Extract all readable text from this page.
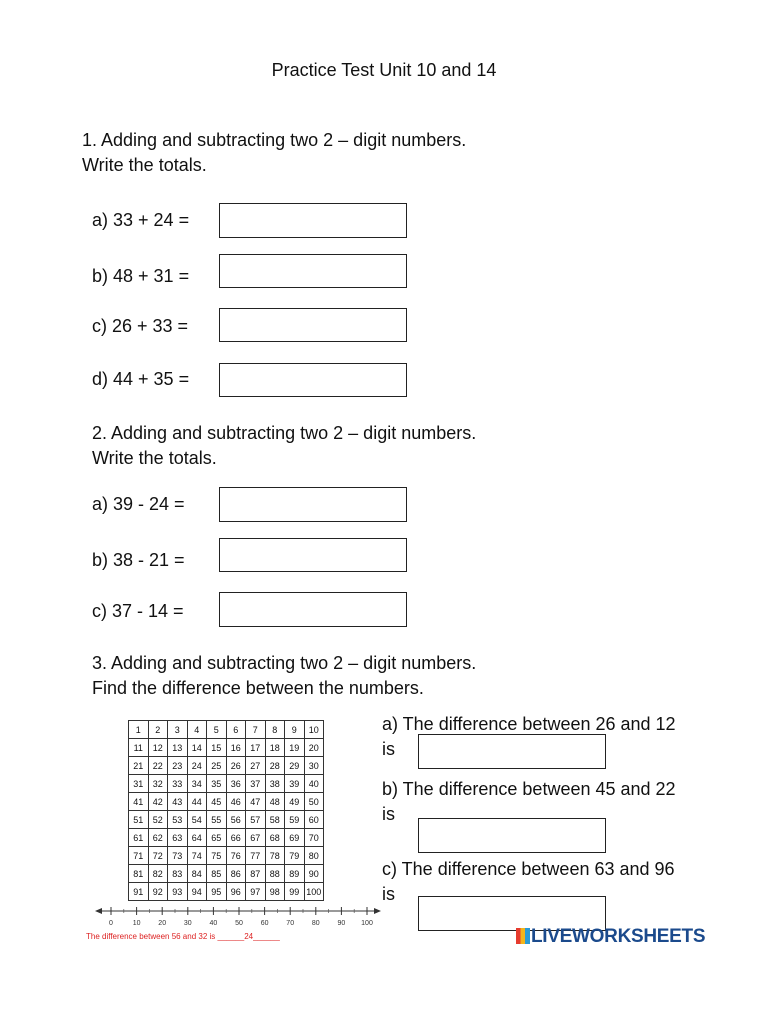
Practice Test Unit 10 and 14
1. Adding and subtracting two 2 – digit numbers.
Write the totals.
a) 33 + 24 =
b) 48 + 31 =
c) 26 + 33 =
d) 44 + 35 =
2. Adding and subtracting two 2 – digit numbers.
Write the totals.
a) 39 - 24 =
b) 38 - 21 =
c) 37 - 14 =
3. Adding and subtracting two 2 – digit numbers.
Find the difference between the numbers.
1	2	3	4	5	6	7	8	9	10
11	12	13	14	15	16	17	18	19	20
21	22	23	24	25	26	27	28	29	30
31	32	33	34	35	36	37	38	39	40
41	42	43	44	45	46	47	48	49	50
51	52	53	54	55	56	57	58	59	60
61	62	63	64	65	66	67	68	69	70
71	72	73	74	75	76	77	78	79	80
81	82	83	84	85	86	87	88	89	90
91	92	93	94	95	96	97	98	99	100
0	10	20	30	40	50	60	70	80	90 100
The difference between 56 and 32 is ______24______
a) The difference between 26 and 12
is
b) The difference between 45 and 22
is
c) The difference between 63 and 96
is
LIVEWORKSHEETS
